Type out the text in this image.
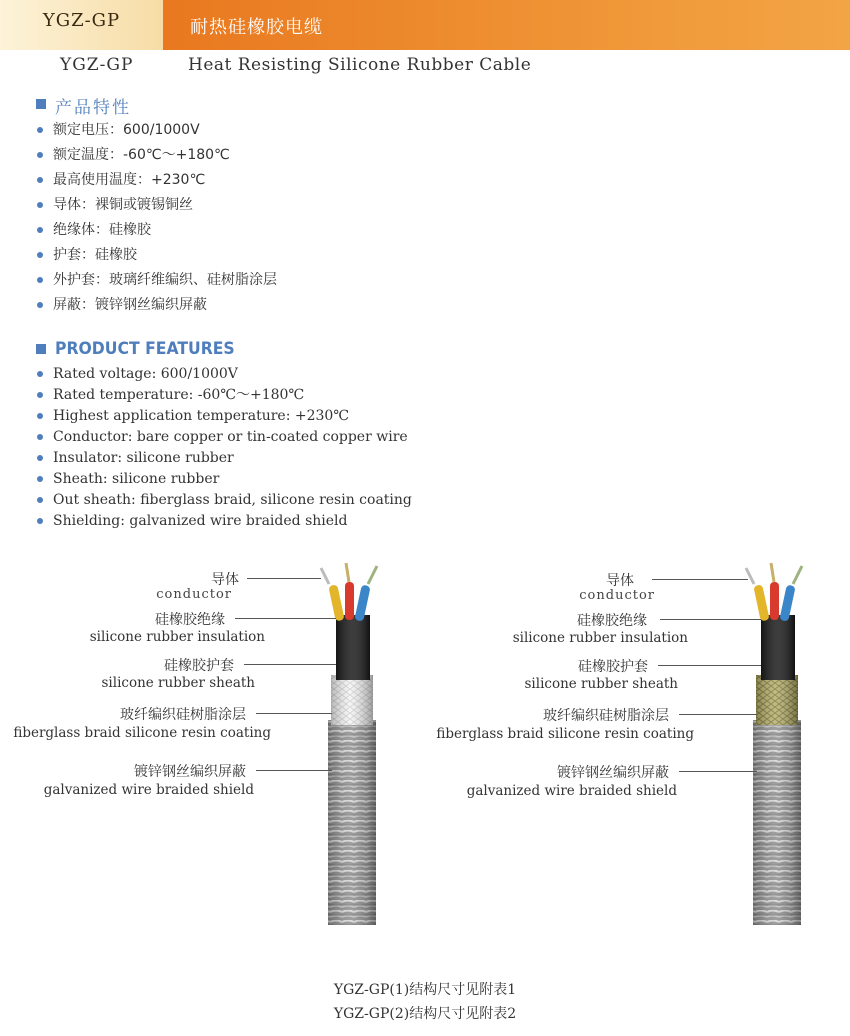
YGZ-GP	耐热硅橡胶电缆
YGZ-GP	Heat Resisting Silicone Rubber Cable
产品特性
额定电压：600/1000V
额定温度：-60℃～+180℃
最高使用温度：+230℃
导体：裸铜或镀锡铜丝
绝缘体：硅橡胶
护套：硅橡胶
外护套：玻璃纤维编织、硅树脂涂层
屏蔽：镀锌钢丝编织屏蔽
PRODUCT FEATURES
Rated voltage: 600/1000V
Rated temperature: -60℃～+180℃
Highest application temperature: +230℃
Conductor: bare copper or tin-coated copper wire
Insulator: silicone rubber
Sheath: silicone rubber
Out sheath: fiberglass braid, silicone resin coating
Shielding: galvanized wire braided shield
导体
conductor
硅橡胶绝缘
silicone rubber insulation
硅橡胶护套
silicone rubber sheath
玻纤编织硅树脂涂层
fiberglass braid silicone resin coating
镀锌钢丝编织屏蔽
galvanized wire braided shield
导体
conductor
硅橡胶绝缘
silicone rubber insulation
硅橡胶护套
silicone rubber sheath
玻纤编织硅树脂涂层
fiberglass braid silicone resin coating
镀锌钢丝编织屏蔽
galvanized wire braided shield
YGZ-GP(1)结构尺寸见附表1
YGZ-GP(2)结构尺寸见附表2
